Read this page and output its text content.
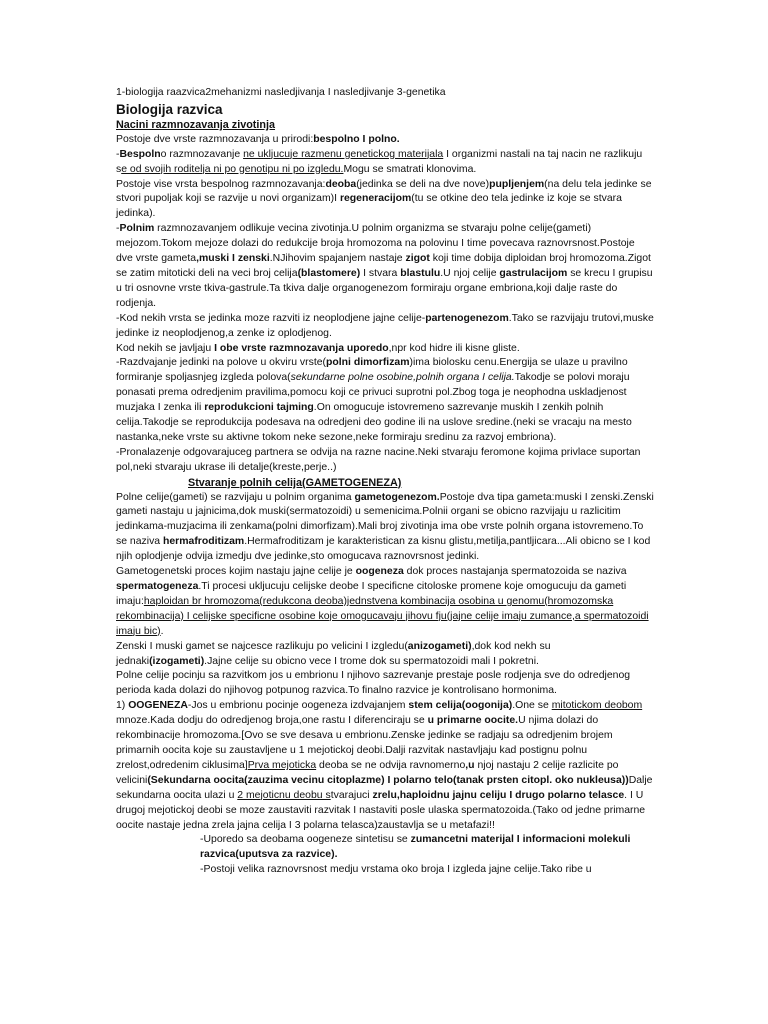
1-biologija raazvica2mehanizmi nasledjivanja I nasledjivanje 3-genetika

Biologija razvica

Nacini razmnozavanja zivotinja

Postoje dve vrste razmnozavanja u prirodi:bespolno I polno.

-Bespolno razmnozavanje ne ukljucuje razmenu genetickog materijala I organizmi nastali na taj nacin ne razlikuju se od svojih roditelja ni po genotipu ni po izgledu.Mogu se smatrati klonovima.

Postoje vise vrsta bespolnog razmnozavanja:deoba(jedinka se deli na dve nove)pupljenjem(na delu tela jedinke se stvori pupoljak koji se razvije u novi organizam)I regeneracijom(tu se otkine deo tela jedinke iz koje se stvara jedinka).

-Polnim razmnozavanjem odlikuje vecina zivotinja.U polnim organizma se stvaraju polne celije(gameti) mejozom.Tokom mejoze dolazi do redukcije broja hromozoma na polovinu I time povecava raznovrsnost.Postoje dve vrste gameta,muski I zenski.NJihovim spajanjem nastaje zigot koji time dobija diploidan broj hromozoma.Zigot se zatim mitoticki deli na veci broj celija(blastomere) I stvara blastulu.U njoj celije gastrulacijom se krecu I grupisu u tri osnovne vrste tkiva-gastrule.Ta tkiva dalje organogenezom formiraju organe embriona,koji dalje raste do rodjenja.

-Kod nekih vrsta se jedinka moze razviti iz neoplodjene jajne celije-partenogenezom.Tako se razvijaju trutovi,muske jedinke iz neoplodjenog,a zenke iz oplodjenog.

Kod nekih se javljaju I obe vrste razmnozavanja uporedo,npr kod hidre ili kisne gliste.

-Razdvajanje jedinki na polove u okviru vrste(polni dimorfizam)ima biolosku cenu.Energija se ulaze u pravilno formiranje spoljasnjeg izgleda polova(sekundarne polne osobine,polnih organa I celija.Takodje se polovi moraju ponasati prema odredjenim pravilima,pomocu koji ce privuci suprotni pol.Zbog toga je neophodna uskladjenost muzjaka I zenka ili reprodukcioni tajming.On omogucuje istovremeno sazrevanje muskih I zenkih polnih celija.Takodje se reprodukcija podesava na odredjeni deo godine ili na uslove sredine.(neki se vracaju na mesto nastanka,neke vrste su aktivne tokom neke sezone,neke formiraju sredinu za razvoj embriona).

-Pronalazenje odgovarajuceg partnera se odvija na razne nacine.Neki stvaraju feromone kojima privlace suportan pol,neki stvaraju ukrase ili detalje(kreste,perje..)

Stvaranje polnih celija(GAMETOGENEZA)

Polne celije(gameti) se razvijaju u polnim organima gametogenezom.Postoje dva tipa gameta:muski I zenski.Zenski gameti nastaju u jajnicima,dok muski(sermatozoidi) u semenicima.Polnii organi se obicno razvijaju u razlicitim jedinkama-muzjacima ili zenkama(polni dimorfizam).Mali broj zivotinja ima obe vrste polnih organa istovremeno.To se naziva hermafroditizam.Hermafroditizam je karakteristican za kisnu glistu,metilja,pantljicara...Ali obicno se I kod njih oplodjenje odvija izmedju dve jedinke,sto omogucava raznovrsnost jedinki.

Gametogenetski proces kojim nastaju jajne celije je oogeneza dok proces nastajanja spermatozoida se naziva spermatogeneza.Ti procesi ukljucuju celijske deobe I specificne citoloske promene koje omogucuju da gameti imaju:haploidan br hromozoma(redukcona deoba)jednstvena kombinacija osobina u genomu(hromozomska rekombinacija) I celijske specificne osobine koje omogucavaju jihovu fju(jajne celije imaju zumance,a spermatozoidi imaju bic).

Zenski I muski gamet se najcesce razlikuju po velicini I izgledu(anizogameti),dok kod nekh su jednaki(izogameti).Jajne celije su obicno vece I trome dok su spermatozoidi mali I pokretni.

Polne celije pocinju sa razvitkom jos u embrionu I njihovo sazrevanje prestaje posle rodjenja sve do odredjenog perioda kada dolazi do njihovog potpunog razvica.To finalno razvice je kontrolisano hormonima.

1) OOGENEZA-Jos u embrionu pocinje oogeneza izdvajanjem stem celija(oogonija).One se mitotickom deobom mnoze.Kada dodju do odredjenog broja,one rastu I diferenciraju se u primarne oocite.U njima dolazi do rekombinacije hromozoma.[Ovo se sve desava u embrionu.Zenske jedinke se radjaju sa odredjenim brojem primarnih oocita koje su zaustavljene u 1 mejotickoj deobi.Dalji razvitak nastavljaju kad postignu polnu zrelost,odredenim ciklusima]Prva mejoticka deoba se ne odvija ravnomerno,u njoj nastaju 2 celije razlicite po velicini(Sekundarna oocita(zauzima vecinu citoplazme) I polarno telo(tanak prsten citopl. oko nukleusa))Dalje sekundarna oocita ulazi u 2 mejoticnu deobu stvarajuci zrelu,haploidnu jajnu celiju I drugo polarno telasce. I U drugoj mejotickoj deobi se moze zaustaviti razvitak I nastaviti posle ulaska spermatozoida.(Tako od jedne primarne oocite nastaje jedna zrela jajna celija I 3 polarna telasca)zaustavlja se u metafazi!!

-Uporedo sa deobama oogeneze sintetisu se zumancetni materijal I informacioni molekuli razvica(uputsva za razvice).

-Postoji velika raznovrsnost medju vrstama oko broja I izgleda jajne celije.Tako ribe u
